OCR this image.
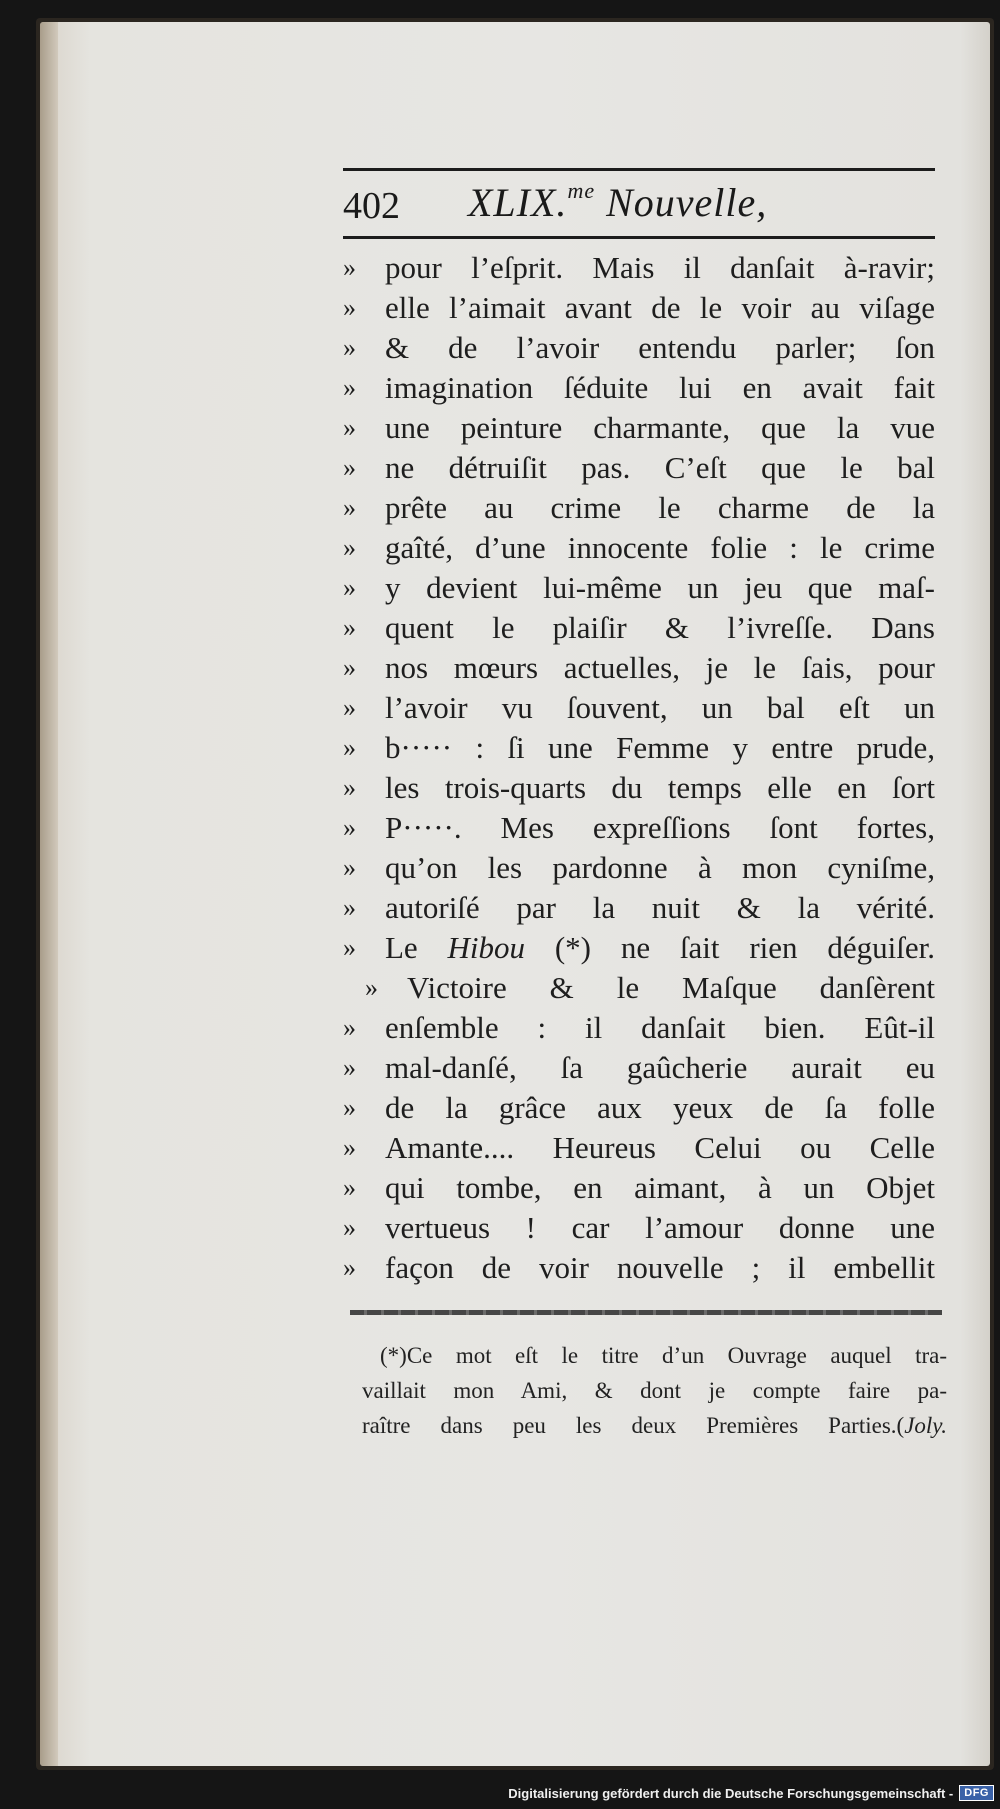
402 XLIX.$^{me}$ Nouvelle,
» pour l’eſprit. Mais il danſait à-ravir;
» elle l’aimait avant de le voir au viſage
» & de l’avoir entendu parler; ſon
» imagination ſéduite lui en avait fait
» une peinture charmante, que la vue
» ne détruiſit pas. C’eſt que le bal
» prête au crime le charme de la
» gaîté, d’une innocente folie : le crime
» y devient lui-même un jeu que maſ-
» quent le plaiſir & l’ivreſſe. Dans
» nos mœurs actuelles, je le ſais, pour
» l’avoir vu ſouvent, un bal eſt un
» b····· : ſi une Femme y entre prude,
» les trois-quarts du temps elle en ſort
» P·····. Mes expreſſions ſont fortes,
» qu’on les pardonne à mon cyniſme,
» autoriſé par la nuit & la vérité.
» Le Hibou (*) ne ſait rien déguiſer.
» Victoire & le Maſque danſèrent
» enſemble : il danſait bien. Eût-il
» mal-danſé, ſa gaûcherie aurait eu
» de la grâce aux yeux de ſa folle
» Amante.... Heureus Celui ou Celle
» qui tombe, en aimant, à un Objet
» vertueus ! car l’amour donne une
» façon de voir nouvelle ; il embellit
(*)Ce mot eſt le titre d’un Ouvrage auquel tra-
vaillait mon Ami, & dont je compte faire pa-
raître dans peu les deux Premières Parties.(Joly.
Digitalisierung gefördert durch die Deutsche Forschungsgemeinschaft -	DFG
